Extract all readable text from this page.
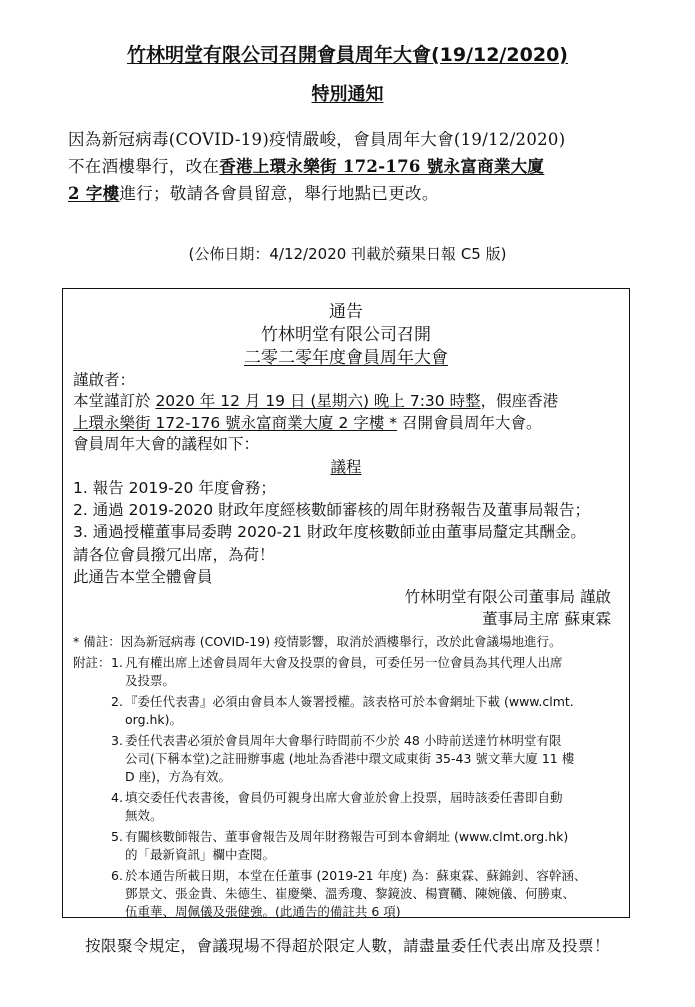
竹林明堂有限公司召開會員周年大會(19/12/2020)
特別通知
因為新冠病毒(COVID-19)疫情嚴峻，會員周年大會(19/12/2020)
不在酒樓舉行，改在香港上環永樂街 172-176 號永富商業大廈
2 字樓進行；敬請各會員留意，舉行地點已更改。
(公佈日期：4/12/2020 刊載於蘋果日報 C5 版)
通告
竹林明堂有限公司召開
二零二零年度會員周年大會
謹啟者：
本堂謹訂於 2020 年 12 月 19 日 (星期六) 晚上 7:30 時整，假座香港
上環永樂街 172-176 號永富商業大廈 2 字樓 * 召開會員周年大會。
會員周年大會的議程如下：
議程
1. 報告 2019-20 年度會務；
2. 通過 2019-2020 財政年度經核數師審核的周年財務報告及董事局報告；
3. 通過授權董事局委聘 2020-21 財政年度核數師並由董事局釐定其酬金。
請各位會員撥冗出席，為荷！
此通告本堂全體會員
竹林明堂有限公司董事局 謹啟
董事局主席 蘇東霖
* 備註：因為新冠病毒 (COVID-19) 疫情影響，取消於酒樓舉行，改於此會議場地進行。
附註： 1. 凡有權出席上述會員周年大會及投票的會員，可委任另一位會員為其代理人出席
及投票。
2. 『委任代表書』必須由會員本人簽署授權。該表格可於本會網址下載 (www.clmt.
org.hk)。
3. 委任代表書必須於會員周年大會舉行時間前不少於 48 小時前送達竹林明堂有限
公司(下稱本堂)之註冊辦事處 (地址為香港中環文咸東街 35-43 號文華大廈 11 樓
D 座)，方為有效。
4. 填交委任代表書後，會員仍可親身出席大會並於會上投票，屆時該委任書即自動
無效。
5. 有關核數師報告、董事會報告及周年財務報告可到本會網址 (www.clmt.org.hk)
的「最新資訊」欄中查閱。
6. 於本通告所載日期，本堂在任董事 (2019-21 年度) 為：蘇東霖、蘇錦釗、容幹涵、
鄧景文、張金貴、朱德生、崔慶樂、溫秀瓊、黎鏡波、楊寶韉、陳婉儀、何勝東、
伍重華、周佩儀及張健強。(此通告的備註共 6 項)
按限聚令規定，會議現場不得超於限定人數，請盡量委任代表出席及投票！
